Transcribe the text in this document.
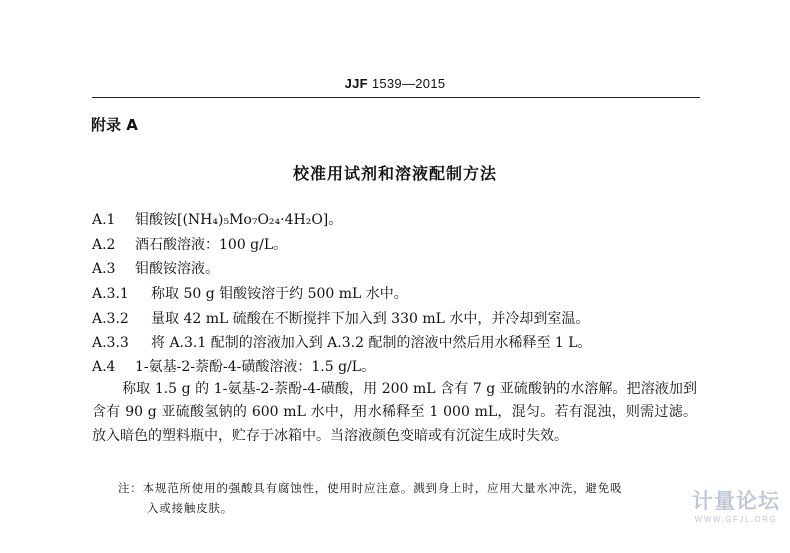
JJF 1539—2015
附录 A
校准用试剂和溶液配制方法
A.1 钼酸铵[(NH₄)₅Mo₇O₂₄·4H₂O]。
A.2 酒石酸溶液：100 g/L。
A.3 钼酸铵溶液。
A.3.1 称取 50 g 钼酸铵溶于约 500 mL 水中。
A.3.2 量取 42 mL 硫酸在不断搅拌下加入到 330 mL 水中，并冷却到室温。
A.3.3 将 A.3.1 配制的溶液加入到 A.3.2 配制的溶液中然后用水稀释至 1 L。
A.4 1-氨基-2-萘酚-4-磺酸溶液：1.5 g/L。
称取 1.5 g 的 1-氨基-2-萘酚-4-磺酸，用 200 mL 含有 7 g 亚硫酸钠的水溶解。把溶液加到含有 90 g 亚硫酸氢钠的 600 mL 水中，用水稀释至 1 000 mL，混匀。若有混浊，则需过滤。放入暗色的塑料瓶中，贮存于冰箱中。当溶液颜色变暗或有沉淀生成时失效。
注：本规范所使用的强酸具有腐蚀性，使用时应注意。溅到身上时，应用大量水冲洗，避免吸
入或接触皮肤。	计量论坛
WWW.GFJL.ORG
